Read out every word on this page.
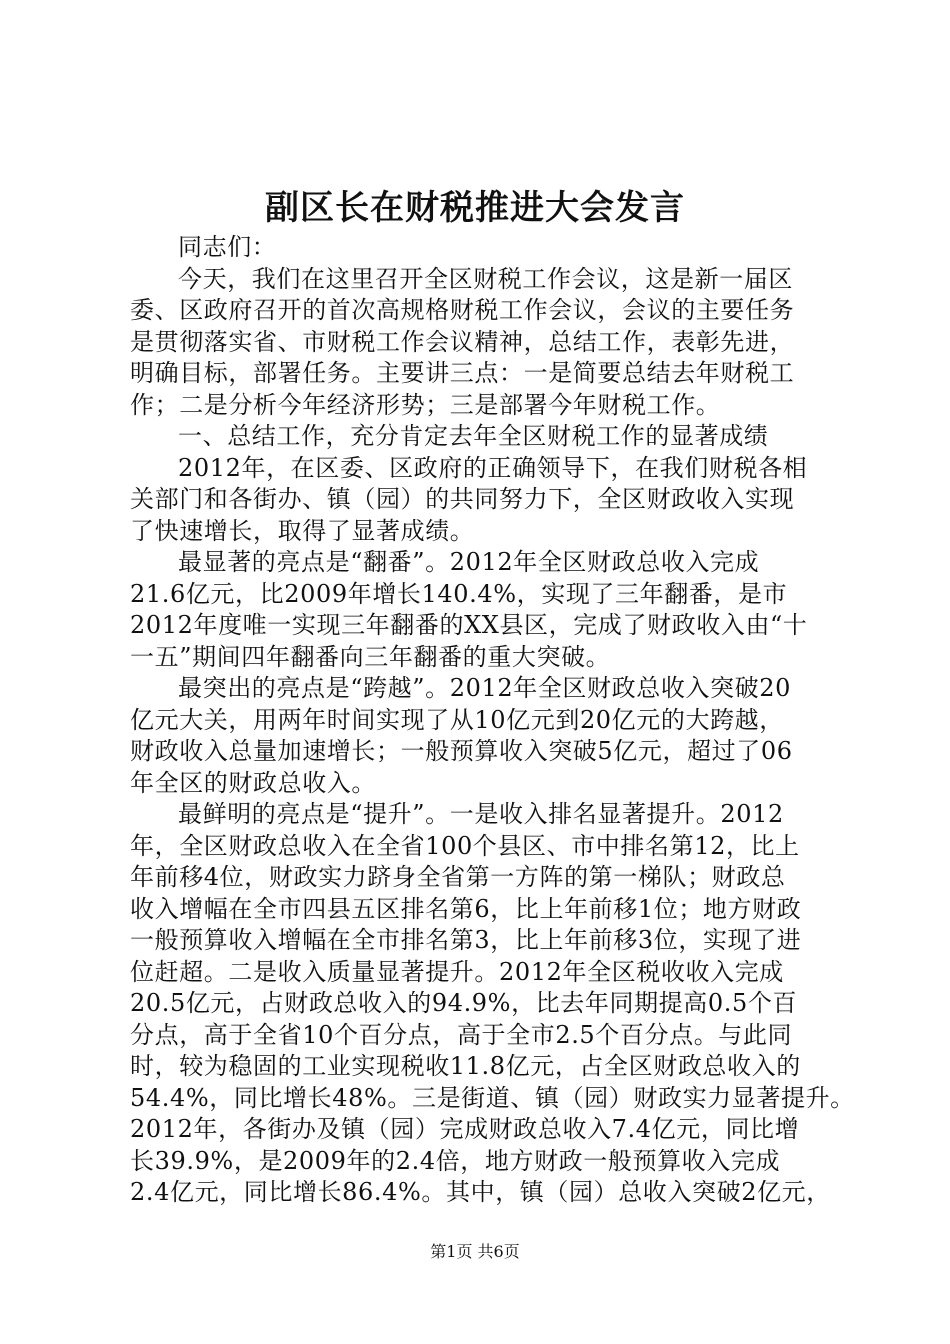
副区长在财税推进大会发言
同志们：
今天，我们在这里召开全区财税工作会议，这是新一届区
委、区政府召开的首次高规格财税工作会议，会议的主要任务
是贯彻落实省、市财税工作会议精神，总结工作，表彰先进，
明确目标，部署任务。主要讲三点：一是简要总结去年财税工
作；二是分析今年经济形势；三是部署今年财税工作。
一、总结工作，充分肯定去年全区财税工作的显著成绩
2012年，在区委、区政府的正确领导下，在我们财税各相
关部门和各街办、镇（园）的共同努力下，全区财政收入实现
了快速增长，取得了显著成绩。
最显著的亮点是“翻番”。2012年全区财政总收入完成
21.6亿元，比2009年增长140.4%，实现了三年翻番，是市
2012年度唯一实现三年翻番的XX县区，完成了财政收入由“十
一五”期间四年翻番向三年翻番的重大突破。
最突出的亮点是“跨越”。2012年全区财政总收入突破20
亿元大关，用两年时间实现了从10亿元到20亿元的大跨越，
财政收入总量加速增长；一般预算收入突破5亿元，超过了06
年全区的财政总收入。
最鲜明的亮点是“提升”。一是收入排名显著提升。2012
年，全区财政总收入在全省100个县区、市中排名第12，比上
年前移4位，财政实力跻身全省第一方阵的第一梯队；财政总
收入增幅在全市四县五区排名第6，比上年前移1位；地方财政
一般预算收入增幅在全市排名第3，比上年前移3位，实现了进
位赶超。二是收入质量显著提升。2012年全区税收收入完成
20.5亿元，占财政总收入的94.9%，比去年同期提高0.5个百
分点，高于全省10个百分点，高于全市2.5个百分点。与此同
时，较为稳固的工业实现税收11.8亿元，占全区财政总收入的
54.4%，同比增长48%。三是街道、镇（园）财政实力显著提升。
2012年，各街办及镇（园）完成财政总收入7.4亿元，同比增
长39.9%，是2009年的2.4倍，地方财政一般预算收入完成
2.4亿元，同比增长86.4%。其中，镇（园）总收入突破2亿元，
第1页 共6页
